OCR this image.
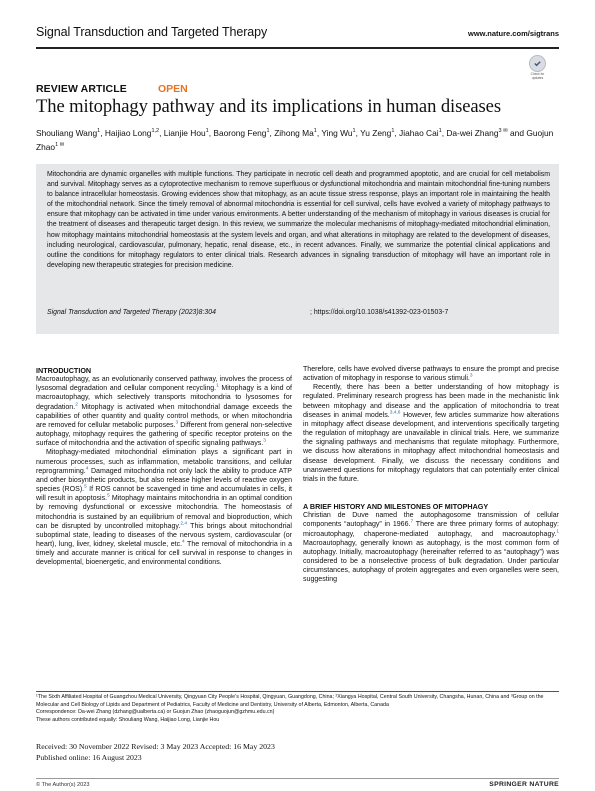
Signal Transduction and Targeted Therapy	www.nature.com/sigtrans
Check for updates
REVIEW ARTICLE	OPEN
The mitophagy pathway and its implications in human diseases
Shouliang Wang$^1$, Haijiao Long$^{1,2}$, Lianjie Hou$^1$, Baorong Feng$^1$, Zihong Ma$^1$, Ying Wu$^1$, Yu Zeng$^1$, Jiahao Cai$^1$, Da-wei Zhang$^{3 ✉}$ and Guojun Zhao$^{1 ✉}$
Mitochondria are dynamic organelles with multiple functions. They participate in necrotic cell death and programmed apoptotic, and are crucial for cell metabolism and survival. Mitophagy serves as a cytoprotective mechanism to remove superfluous or dysfunctional mitochondria and maintain mitochondrial fine-tuning numbers to balance intracellular homeostasis. Growing evidences show that mitophagy, as an acute tissue stress response, plays an important role in maintaining the health of the mitochondrial network. Since the timely removal of abnormal mitochondria is essential for cell survival, cells have evolved a variety of mitophagy pathways to ensure that mitophagy can be activated in time under various environments. A better understanding of the mechanism of mitophagy in various diseases is crucial for the treatment of diseases and therapeutic target design. In this review, we summarize the molecular mechanisms of mitophagy-mediated mitochondrial elimination, how mitophagy maintains mitochondrial homeostasis at the system levels and organ, and what alterations in mitophagy are related to the development of diseases, including neurological, cardiovascular, pulmonary, hepatic, renal disease, etc., in recent advances. Finally, we summarize the potential clinical applications and outline the conditions for mitophagy regulators to enter clinical trials. Research advances in signaling transduction of mitophagy will have an important role in developing new therapeutic strategies for precision medicine.
Signal Transduction and Targeted Therapy (2023)8:304	; https://doi.org/10.1038/s41392-023-01503-7

INTRODUCTION

Macroautophagy, as an evolutionarily conserved pathway, involves the process of lysosomal degradation and cellular component recycling.$^1$ Mitophagy is a kind of macroautophagy, which selectively transports mitochondria to lysosomes for degradation.$^2$ Mitophagy is activated when mitochondrial damage exceeds the capabilities of other quantity and quality control methods, or when mitochondria are removed for cellular metabolic purposes.$^3$ Different from general non-selective autophagy, mitophagy requires the gathering of specific receptor proteins on the surface of mitochondria and the activation of specific signaling pathways.$^3$

Mitophagy-mediated mitochondrial elimination plays a significant part in numerous processes, such as inflammation, metabolic transitions, and cellular reprogramming.$^4$ Damaged mitochondria not only lack the ability to produce ATP and other biosynthetic products, but also release higher levels of reactive oxygen species (ROS).$^5$ If ROS cannot be scavenged in time and accumulates in cells, it will result in apoptosis.$^5$ Mitophagy maintains mitochondria in an optimal condition by removing dysfunctional or excessive mitochondria. The homeostasis of mitochondria is sustained by an equilibrium of removal and bioproduction, which can be disrupted by uncontrolled mitophagy.$^{2,4}$ This brings about mitochondrial suboptimal state, leading to diseases of the nervous system, cardiovascular (or heart), lung, liver, kidney, skeletal muscle, etc.$^4$ The removal of mitochondria in a timely and accurate manner is critical for cell survival in response to changes in developmental, bioenergetic, and environmental conditions.

Therefore, cells have evolved diverse pathways to ensure the prompt and precise activation of mitophagy in response to various stimuli.$^3$

Recently, there has been a better understanding of how mitophagy is regulated. Preliminary research progress has been made in the mechanistic link between mitophagy and disease and the application of mitochondria to treat diseases in animal models.$^{3,4,6}$ However, few articles summarize how alterations in mitophagy affect disease development, and interventions specifically targeting the regulation of mitophagy are unavailable in clinical trials. Here, we summarize the signaling pathways and mechanisms that regulate mitophagy. Furthermore, we discuss how alterations in mitophagy affect mitochondrial homeostasis and disease development. Finally, we discuss the necessary conditions and unanswered questions for mitophagy regulators that can potentially enter clinical trials in the future.

A BRIEF HISTORY AND MILESTONES OF MITOPHAGY

Christian de Duve named the autophagosome transmission of cellular components “autophagy” in 1966.$^7$ There are three primary forms of autophagy: microautophagy, chaperone-mediated autophagy, and macroautophagy.$^1$ Macroautophagy, generally known as autophagy, is the most common form of autophagy. Initially, macroautophagy (hereinafter referred to as “autophagy”) was considered to be a nonselective process of bulk degradation. Under particular circumstances, autophagy of protein aggregates and even organelles were seen, suggesting

¹The Sixth Affiliated Hospital of Guangzhou Medical University, Qingyuan City People’s Hospital, Qingyuan, Guangdong, China; ²Xiangya Hospital, Central South University, Changsha, Hunan, China and ³Group on the Molecular and Cell Biology of Lipids and Department of Pediatrics, Faculty of Medicine and Dentistry, University of Alberta, Edmonton, Alberta, Canada

Correspondence: Da-wei Zhang (dzhang@ualberta.ca) or Guojun Zhao (zhaoguojun@gzhmu.edu.cn)

These authors contributed equally: Shouliang Wang, Haijiao Long, Lianjie Hou

Received: 30 November 2022 Revised: 3 May 2023 Accepted: 16 May 2023
Published online: 16 August 2023
© The Author(s) 2023	SPRINGER NATURE
